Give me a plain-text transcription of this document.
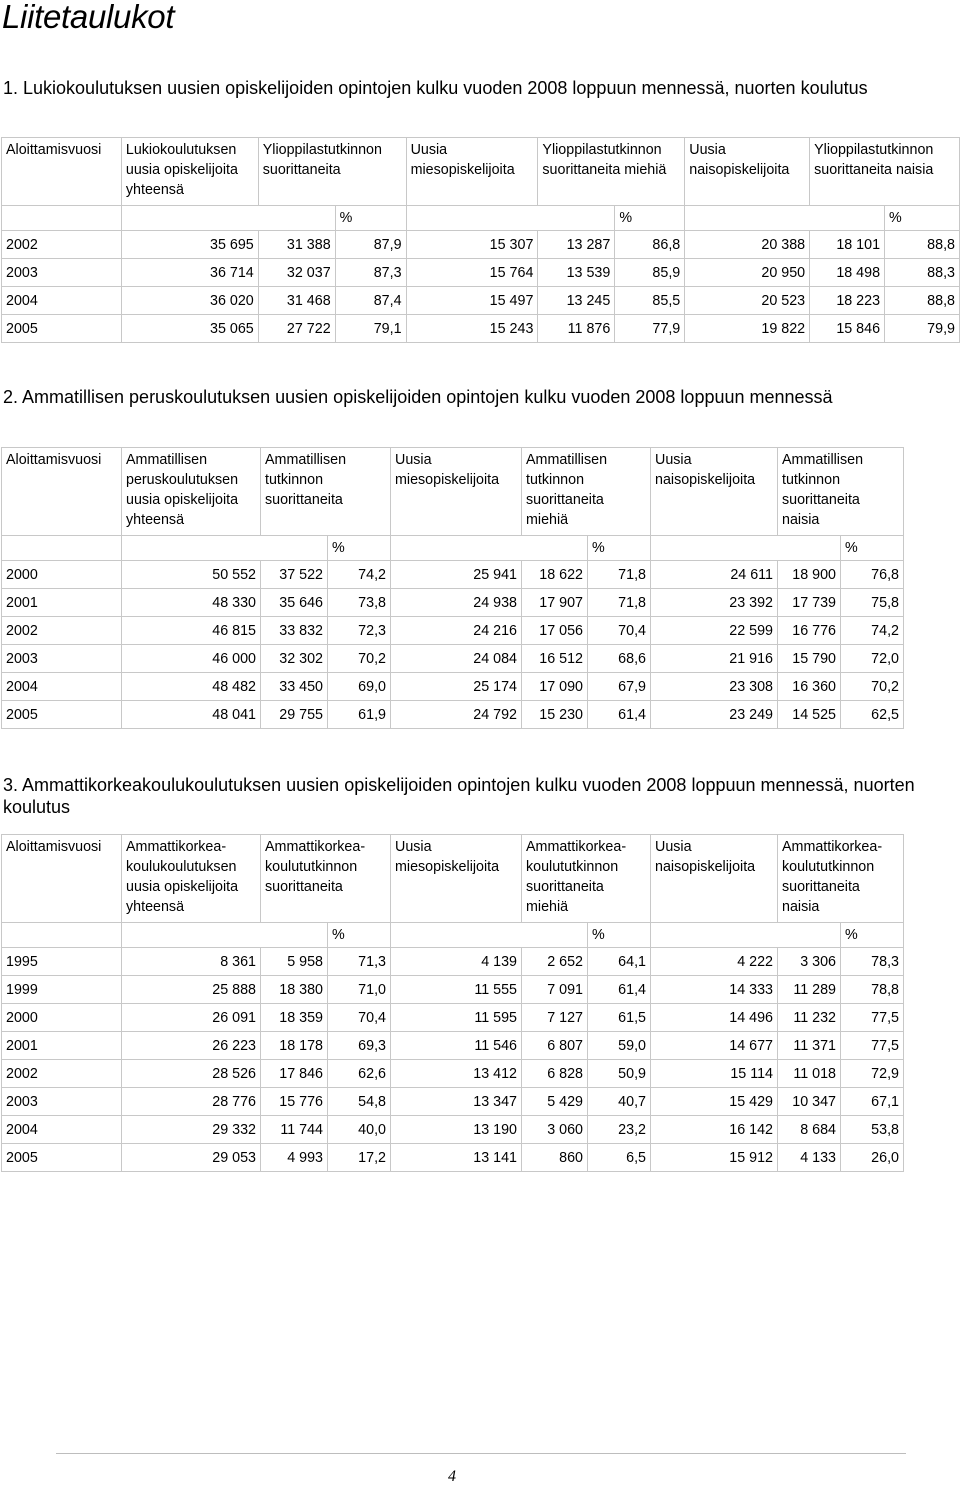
Liitetaulukot
1. Lukiokoulutuksen uusien opiskelijoiden opintojen kulku vuoden 2008 loppuun mennessä, nuorten koulutus
Aloittamisvuosi	Lukiokoulutuksen uusia opiskelijoita yhteensä	Ylioppilastutkinnon suorittaneita		Uusia miesopiskelijoita	Ylioppilastutkinnon suorittaneita miehiä		Uusia naisopiskelijoita	Ylioppilastutkinnon suorittaneita naisia	
			%			%			%
2002	35 695	31 388	87,9	15 307	13 287	86,8	20 388	18 101	88,8
2003	36 714	32 037	87,3	15 764	13 539	85,9	20 950	18 498	88,3
2004	36 020	31 468	87,4	15 497	13 245	85,5	20 523	18 223	88,8
2005	35 065	27 722	79,1	15 243	11 876	77,9	19 822	15 846	79,9
2. Ammatillisen peruskoulutuksen uusien opiskelijoiden opintojen kulku vuoden 2008 loppuun mennessä
Aloittamisvuosi	Ammatillisen peruskoulutuksen uusia opiskelijoita yhteensä	Ammatillisen tutkinnon suorittaneita		Uusia miesopiskelijoita	Ammatillisen tutkinnon suorittaneita miehiä		Uusia naisopiskelijoita	Ammatillisen tutkinnon suorittaneita naisia	
			%			%			%
2000	50 552	37 522	74,2	25 941	18 622	71,8	24 611	18 900	76,8
2001	48 330	35 646	73,8	24 938	17 907	71,8	23 392	17 739	75,8
2002	46 815	33 832	72,3	24 216	17 056	70,4	22 599	16 776	74,2
2003	46 000	32 302	70,2	24 084	16 512	68,6	21 916	15 790	72,0
2004	48 482	33 450	69,0	25 174	17 090	67,9	23 308	16 360	70,2
2005	48 041	29 755	61,9	24 792	15 230	61,4	23 249	14 525	62,5
3. Ammattikorkeakoulukoulutuksen uusien opiskelijoiden opintojen kulku vuoden 2008 loppuun mennessä, nuorten koulutus
Aloittamisvuosi	Ammattikorkea-koulukoulutuksen uusia opiskelijoita yhteensä	Ammattikorkea-koulututkinnon suorittaneita		Uusia miesopiskelijoita	Ammattikorkea-koulututkinnon suorittaneita miehiä		Uusia naisopiskelijoita	Ammattikorkea-koulututkinnon suorittaneita naisia	
			%			%			%
1995	8 361	5 958	71,3	4 139	2 652	64,1	4 222	3 306	78,3
1999	25 888	18 380	71,0	11 555	7 091	61,4	14 333	11 289	78,8
2000	26 091	18 359	70,4	11 595	7 127	61,5	14 496	11 232	77,5
2001	26 223	18 178	69,3	11 546	6 807	59,0	14 677	11 371	77,5
2002	28 526	17 846	62,6	13 412	6 828	50,9	15 114	11 018	72,9
2003	28 776	15 776	54,8	13 347	5 429	40,7	15 429	10 347	67,1
2004	29 332	11 744	40,0	13 190	3 060	23,2	16 142	8 684	53,8
2005	29 053	4 993	17,2	13 141	860	6,5	15 912	4 133	26,0
4
